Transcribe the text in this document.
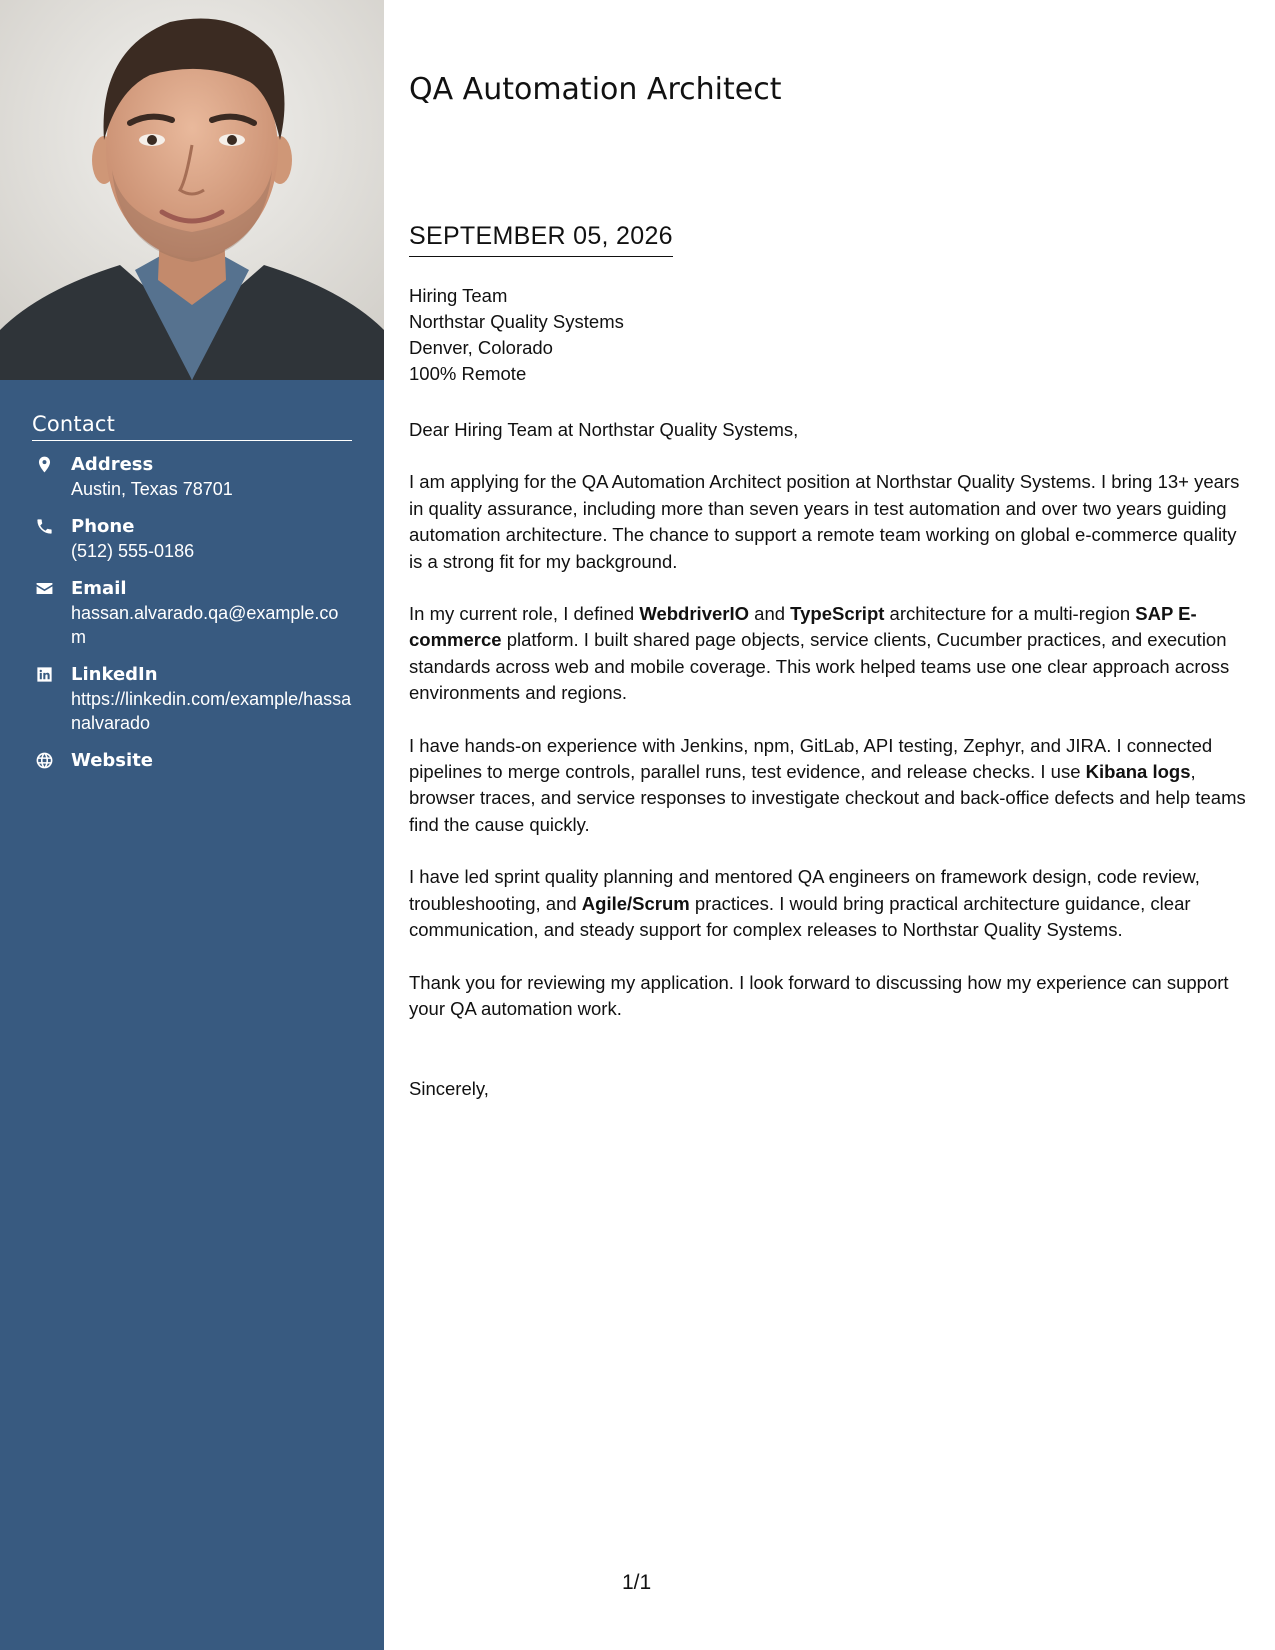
Contact
Address
Austin, Texas 78701
Phone
(512) 555-0186
Email
hassan.alvarado.qa@example.com
LinkedIn
https://linkedin.com/example/hassanalvarado
Website
QA Automation Architect
SEPTEMBER 05, 2026
Hiring Team
Northstar Quality Systems
Denver, Colorado
100% Remote

Dear Hiring Team at Northstar Quality Systems,

I am applying for the QA Automation Architect position at Northstar Quality Systems. I bring 13+ years in quality assurance, including more than seven years in test automation and over two years guiding automation architecture. The chance to support a remote team working on global e-commerce quality is a strong fit for my background.

In my current role, I defined WebdriverIO and TypeScript architecture for a multi-region SAP E-commerce platform. I built shared page objects, service clients, Cucumber practices, and execution standards across web and mobile coverage. This work helped teams use one clear approach across environments and regions.

I have hands-on experience with Jenkins, npm, GitLab, API testing, Zephyr, and JIRA. I connected pipelines to merge controls, parallel runs, test evidence, and release checks. I use Kibana logs, browser traces, and service responses to investigate checkout and back-office defects and help teams find the cause quickly.

I have led sprint quality planning and mentored QA engineers on framework design, code review, troubleshooting, and Agile/Scrum practices. I would bring practical architecture guidance, clear communication, and steady support for complex releases to Northstar Quality Systems.

Thank you for reviewing my application. I look forward to discussing how my experience can support your QA automation work.

Sincerely,
1/1
